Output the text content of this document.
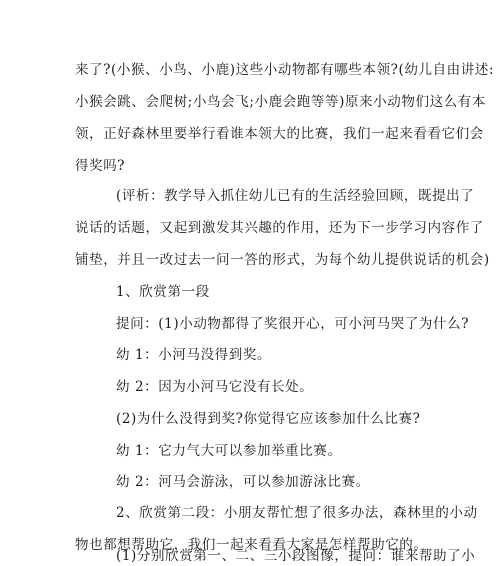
来了?(小猴、小鸟、小鹿)这些小动物都有哪些本领?(幼儿自由讲述:
小猴会跳、会爬树;小鸟会飞;小鹿会跑等等)原来小动物们这么有本
领，正好森林里要举行看谁本领大的比赛，我们一起来看看它们会
得奖吗?
(评析：教学导入抓住幼儿已有的生活经验回顾，既提出了
说话的话题，又起到激发其兴趣的作用，还为下一步学习内容作了
铺垫，并且一改过去一问一答的形式，为每个幼儿提供说话的机会)
1、欣赏第一段
提问：(1)小动物都得了奖很开心，可小河马哭了为什么?
幼 1：小河马没得到奖。
幼 2：因为小河马它没有长处。
(2)为什么没得到奖?你觉得它应该参加什么比赛?
幼 1：它力气大可以参加举重比赛。
幼 2：河马会游泳，可以参加游泳比赛。
2、欣赏第二段：小朋友帮忙想了很多办法，森林里的小动
物也都想帮助它，我们一起来看看大家是怎样帮助它的。
(1)分别欣赏第一、二、三小段图像，提问：谁来帮助了小
